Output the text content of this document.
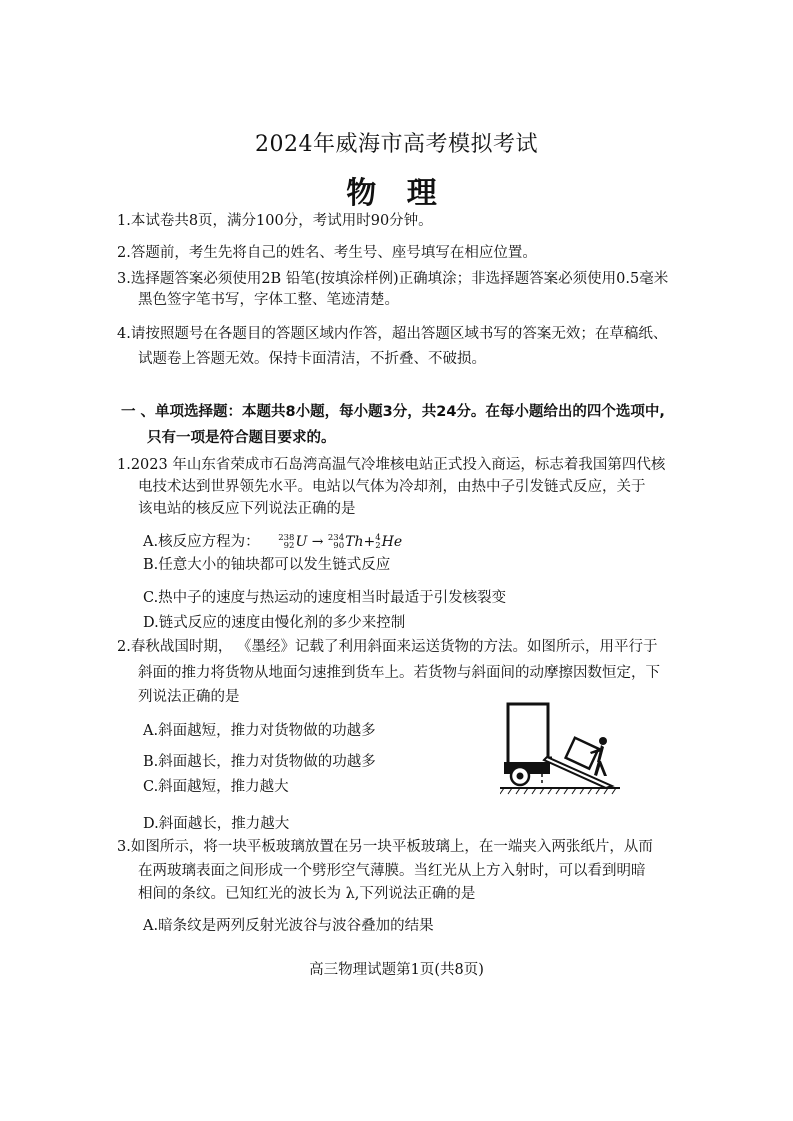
2024年威海市高考模拟考试
物 理
1.本试卷共8页，满分100分，考试用时90分钟。
2.答题前，考生先将自己的姓名、考生号、座号填写在相应位置。
3.选择题答案必须使用2B 铅笔(按填涂样例)正确填涂；非选择题答案必须使用0.5毫米
黑色签字笔书写，字体工整、笔迹清楚。
4.请按照题号在各题目的答题区域内作答，超出答题区域书写的答案无效；在草稿纸、
试题卷上答题无效。保持卡面清洁，不折叠、不破损。
一 、单项选择题：本题共8小题，每小题3分，共24分。在每小题给出的四个选项中,
只有一项是符合题目要求的。
1.2023 年山东省荣成市石岛湾高温气冷堆核电站正式投入商运，标志着我国第四代核
电技术达到世界领先水平。电站以气体为冷却剂，由热中子引发链式反应，关于
该电站的核反应下列说法正确的是
A.核反应方程为： 238
92 U → 234
90 Th+ 4
2 He
B.任意大小的铀块都可以发生链式反应
C.热中子的速度与热运动的速度相当时最适于引发核裂变
D.链式反应的速度由慢化剂的多少来控制
2.春秋战国时期， 《墨经》记载了利用斜面来运送货物的方法。如图所示，用平行于
斜面的推力将货物从地面匀速推到货车上。若货物与斜面间的动摩擦因数恒定，下
列说法正确的是
A.斜面越短，推力对货物做的功越多
B.斜面越长，推力对货物做的功越多
C.斜面越短，推力越大
D.斜面越长，推力越大
3.如图所示，将一块平板玻璃放置在另一块平板玻璃上，在一端夹入两张纸片，从而
在两玻璃表面之间形成一个劈形空气薄膜。当红光从上方入射时，可以看到明暗
相间的条纹。已知红光的波长为 λ,下列说法正确的是
A.暗条纹是两列反射光波谷与波谷叠加的结果
高三物理试题第1页(共8页)
